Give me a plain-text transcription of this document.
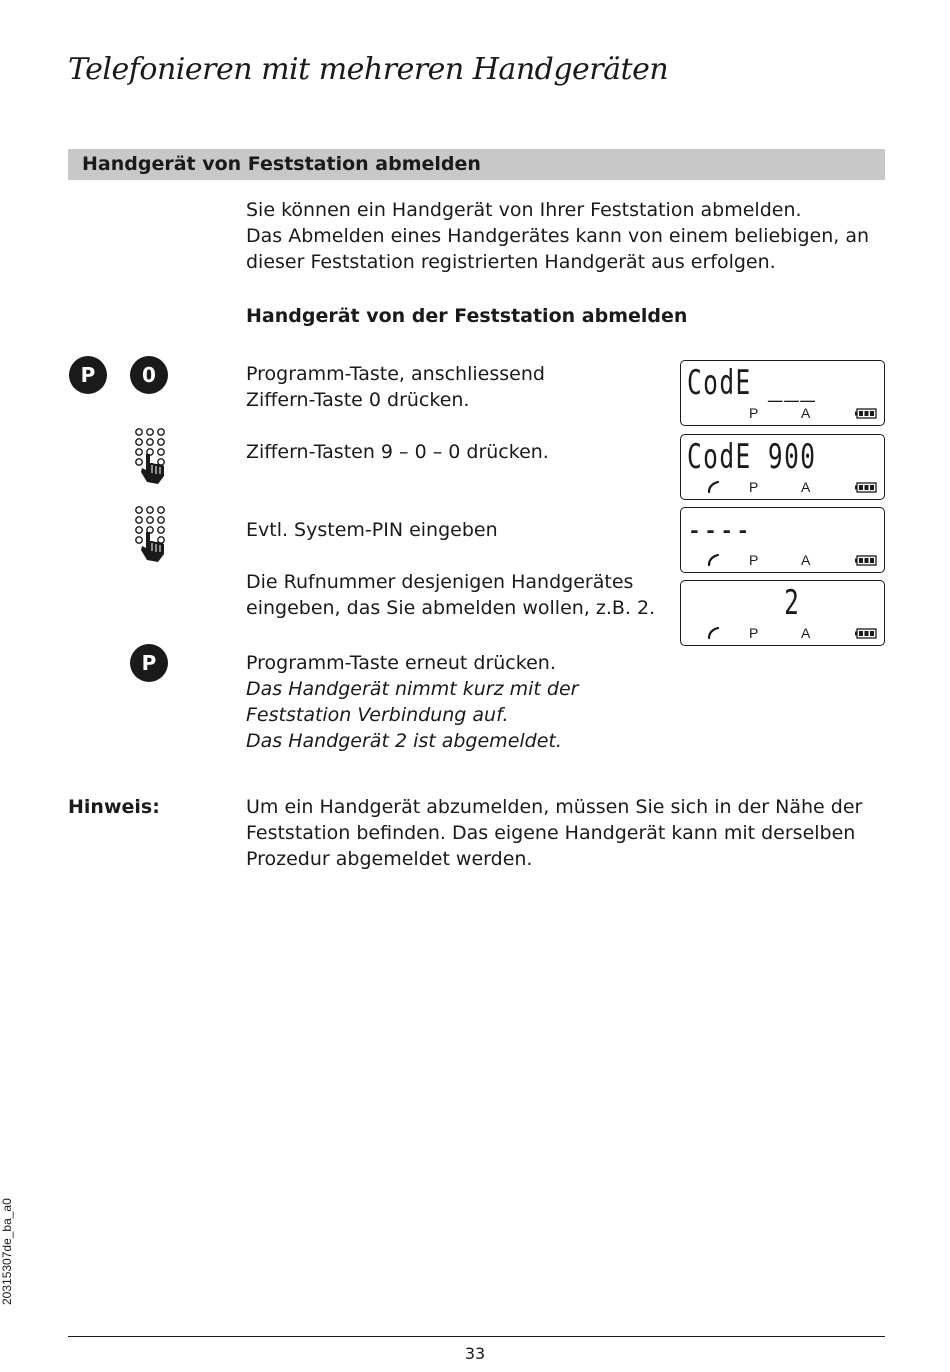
Telefonieren mit mehreren Handgeräten
Handgerät von Feststation abmelden

Sie können ein Handgerät von Ihrer Feststation abmelden.
Das Abmelden eines Handgerätes kann von einem beliebigen, an
dieser Feststation registrierten Handgerät aus erfolgen.

Handgerät von der Feststation abmelden

P	0
P

Programm-Taste, anschliessend
Ziffern-Taste 0 drücken.

Ziffern-Tasten 9 – 0 – 0 drücken.

Evtl. System-PIN eingeben

Die Rufnummer desjenigen Handgerätes
eingeben, das Sie abmelden wollen, z.B. 2.

Programm-Taste erneut drücken.
Das Handgerät nimmt kurz mit der
Feststation Verbindung auf.
Das Handgerät 2 ist abgemeldet.

CodE ___
P	A
CodE 900
P	A
----
P	A
2
P	A

Hinweis:	Um ein Handgerät abzumelden, müssen Sie sich in der Nähe der
Feststation befinden. Das eigene Handgerät kann mit derselben
Prozedur abgemeldet werden.

20315307de_ba_a0
33
